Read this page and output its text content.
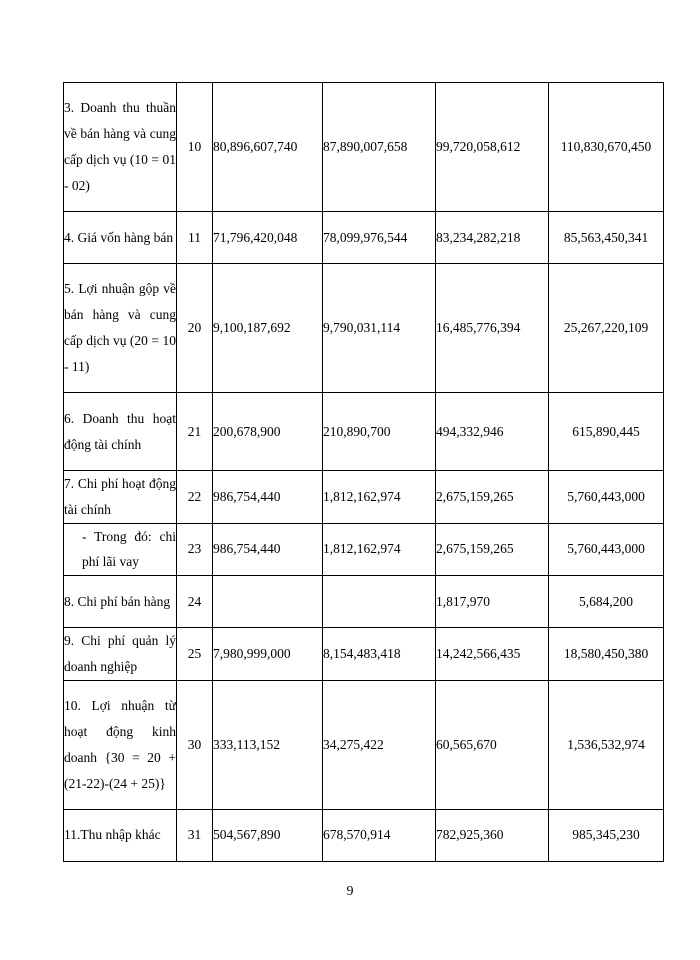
3. Doanh thu thuần về bán hàng và cung cấp dịch vụ (10 = 01 - 02)	10	80,896,607,740	87,890,007,658	99,720,058,612	110,830,670,450
4. Giá vốn hàng bán	11	71,796,420,048	78,099,976,544	83,234,282,218	85,563,450,341
5. Lợi nhuận gộp về bán hàng và cung cấp dịch vụ (20 = 10 - 11)	20	9,100,187,692	9,790,031,114	16,485,776,394	25,267,220,109
6. Doanh thu hoạt động tài chính	21	200,678,900	210,890,700	494,332,946	615,890,445
7. Chi phí hoạt động tài chính	22	986,754,440	1,812,162,974	2,675,159,265	5,760,443,000
- Trong đó: chi phí lãi vay	23	986,754,440	1,812,162,974	2,675,159,265	5,760,443,000
8. Chi phí bán hàng	24			1,817,970	5,684,200
9. Chi phí quản lý doanh nghiệp	25	7,980,999,000	8,154,483,418	14,242,566,435	18,580,450,380
10. Lợi nhuận từ hoạt động kinh doanh {30 = 20 + (21-22)-(24 + 25)}	30	333,113,152	34,275,422	60,565,670	1,536,532,974
11.Thu nhập khác	31	504,567,890	678,570,914	782,925,360	985,345,230
9
